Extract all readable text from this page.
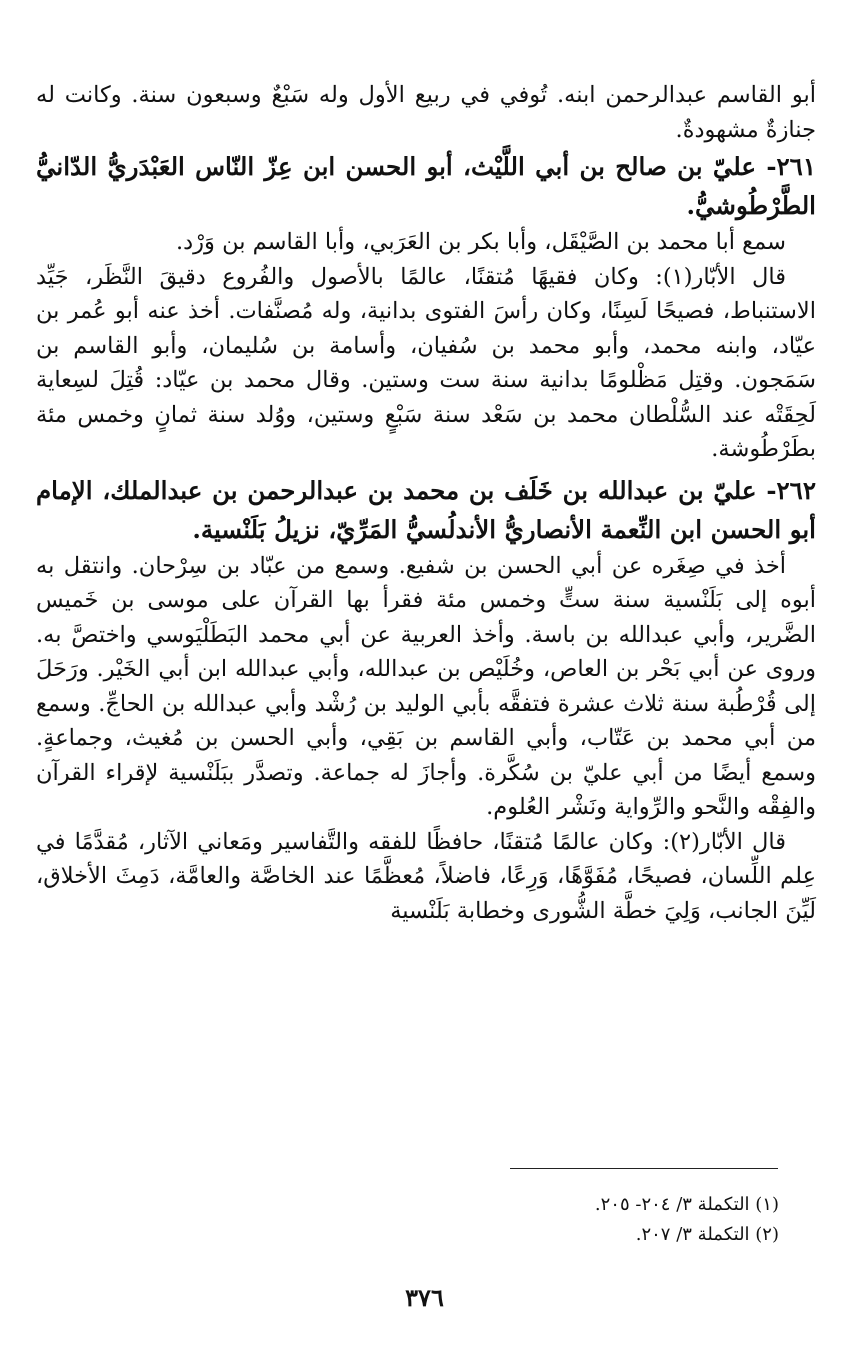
أبو القاسم عبدالرحمن ابنه. تُوفي في ربيع الأول وله سَبْعٌ وسبعون سنة. وكانت له جنازةٌ مشهودةٌ.

٢٦١- عليّ بن صالح بن أبي اللَّيْث، أبو الحسن ابن عِزّ النّاس العَبْدَريُّ الدّانيُّ الطَّرْطُوشيُّ.

سمع أبا محمد بن الصَّيْقَل، وأبا بكر بن العَرَبي، وأبا القاسم بن وَرْد.

قال الأبّار(١): وكان فقيهًا مُتقنًا، عالمًا بالأصول والفُروع دقيقَ النَّظَر، جَيِّد الاستنباط، فصيحًا لَسِنًا، وكان رأسَ الفتوى بدانية، وله مُصنَّفات. أخذ عنه أبو عُمر بن عيّاد، وابنه محمد، وأبو محمد بن سُفيان، وأسامة بن سُليمان، وأبو القاسم بن سَمَجون. وقتِل مَظْلومًا بدانية سنة ست وستين. وقال محمد بن عيّاد: قُتِلَ لسِعاية لَحِقَتْه عند السُّلْطان محمد بن سَعْد سنة سَبْعٍ وستين، ووُلد سنة ثمانٍ وخمس مئة بطَرْطُوشة.

٢٦٢- عليّ بن عبدالله بن خَلَف بن محمد بن عبدالرحمن بن عبدالملك، الإمام أبو الحسن ابن النِّعمة الأنصاريُّ الأندلُسيُّ المَرِّيّ، نزيلُ بَلَنْسية.

أخذ في صِغَره عن أبي الحسن بن شفيع. وسمع من عبّاد بن سِرْحان. وانتقل به أبوه إلى بَلَنْسية سنة ستٍّ وخمس مئة فقرأ بها القرآن على موسى بن خَميس الضَّرير، وأبي عبدالله بن باسة. وأخذ العربية عن أبي محمد البَطَلْيَوسي واختصَّ به. وروى عن أبي بَحْر بن العاص، وخُلَيْص بن عبدالله، وأبي عبدالله ابن أبي الخَيْر. ورَحَلَ إلى قُرْطُبة سنة ثلاث عشرة فتفقَّه بأبي الوليد بن رُشْد وأبي عبدالله بن الحاجِّ. وسمع من أبي محمد بن عَتّاب، وأبي القاسم بن بَقِي، وأبي الحسن بن مُغيث، وجماعةٍ. وسمع أيضًا من أبي عليّ بن سُكَّرة. وأجازَ له جماعة. وتصدَّر ببَلَنْسية لإقراء القرآن والفِقْه والنَّحو والرِّواية ونَشْر العُلوم.

قال الأبّار(٢): وكان عالمًا مُتقنًا، حافظًا للفقه والتَّفاسير ومَعاني الآثار، مُقدَّمًا في عِلم اللِّسان، فصيحًا، مُفَوَّهًا، وَرِعًا، فاضلاً، مُعظَّمًا عند الخاصَّة والعامَّة، دَمِثَ الأخلاق، لَيِّنَ الجانب، وَلِيَ خطَّة الشُّورى وخطابة بَلَنْسية

(١) التكملة ٣/ ٢٠٤- ٢٠٥.
(٢) التكملة ٣/ ٢٠٧.
٣٧٦
